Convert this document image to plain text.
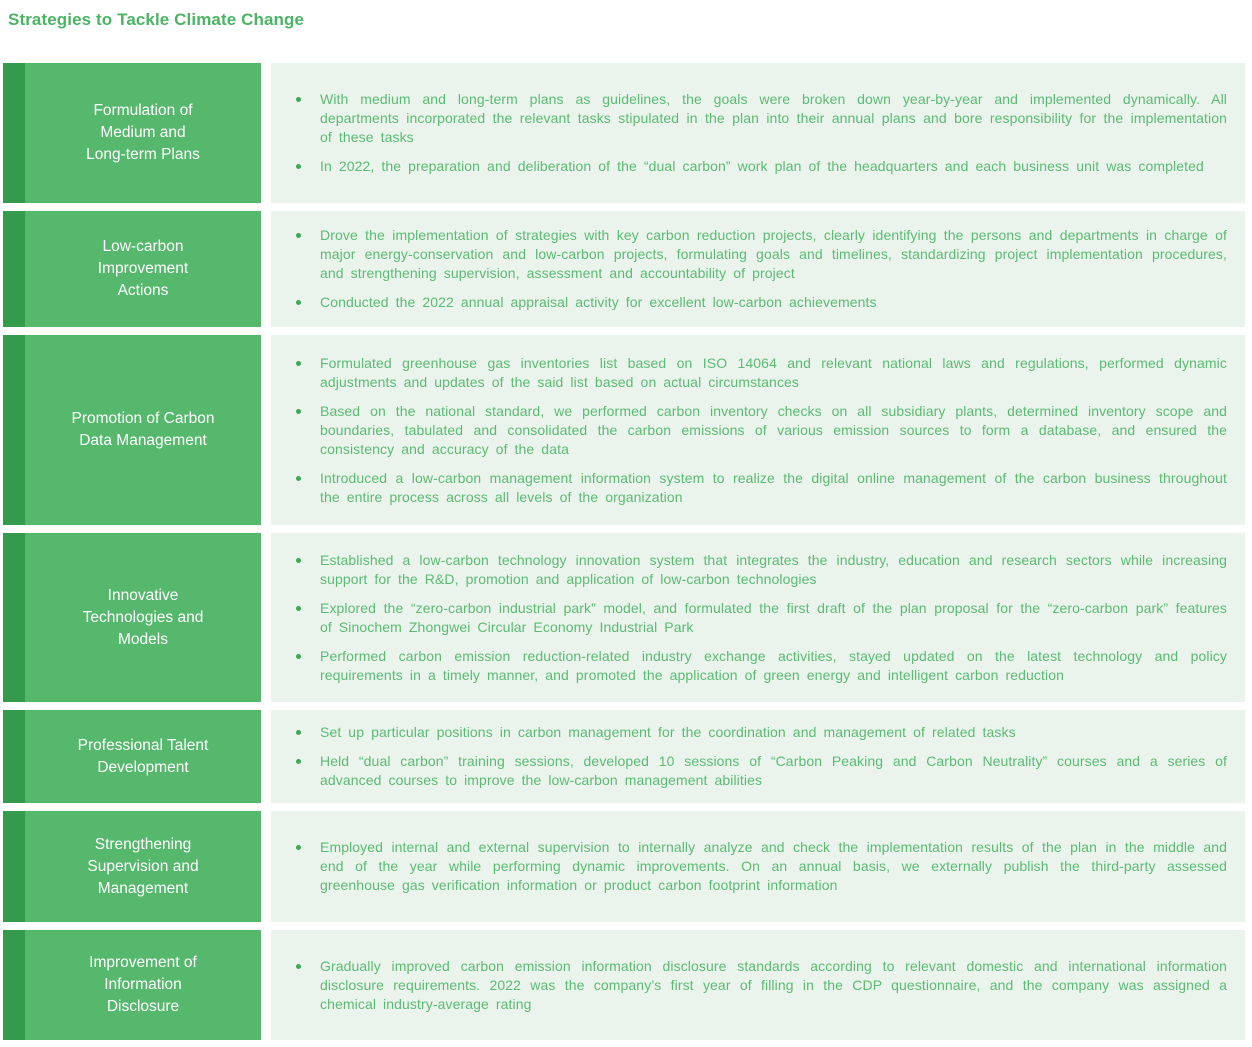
Strategies to Tackle Climate Change
Formulation of
Medium and
Long-term Plans

With medium and long-term plans as guidelines, the goals were broken down year-by-year and implemented dynamically. All departments incorporated the relevant tasks stipulated in the plan into their annual plans and bore responsibility for the implementation of these tasks

In 2022, the preparation and deliberation of the “dual carbon” work plan of the headquarters and each business unit was completed

Low-carbon
Improvement
Actions

Drove the implementation of strategies with key carbon reduction projects, clearly identifying the persons and departments in charge of major energy-conservation and low-carbon projects, formulating goals and timelines, standardizing project implementation procedures, and strengthening supervision, assessment and accountability of project

Conducted the 2022 annual appraisal activity for excellent low-carbon achievements

Promotion of Carbon
Data Management

Formulated greenhouse gas inventories list based on ISO 14064 and relevant national laws and regulations, performed dynamic adjustments and updates of the said list based on actual circumstances

Based on the national standard, we performed carbon inventory checks on all subsidiary plants, determined inventory scope and boundaries, tabulated and consolidated the carbon emissions of various emission sources to form a database, and ensured the consistency and accuracy of the data

Introduced a low-carbon management information system to realize the digital online management of the carbon business throughout the entire process across all levels of the organization

Innovative
Technologies and
Models

Established a low-carbon technology innovation system that integrates the industry, education and research sectors while increasing support for the R&D, promotion and application of low-carbon technologies

Explored the “zero-carbon industrial park” model, and formulated the first draft of the plan proposal for the “zero-carbon park” features of Sinochem Zhongwei Circular Economy Industrial Park

Performed carbon emission reduction-related industry exchange activities, stayed updated on the latest technology and policy requirements in a timely manner, and promoted the application of green energy and intelligent carbon reduction

Professional Talent
Development

Set up particular positions in carbon management for the coordination and management of related tasks

Held “dual carbon” training sessions, developed 10 sessions of “Carbon Peaking and Carbon Neutrality” courses and a series of advanced courses to improve the low-carbon management abilities

Strengthening
Supervision and
Management

Employed internal and external supervision to internally analyze and check the implementation results of the plan in the middle and end of the year while performing dynamic improvements. On an annual basis, we externally publish the third-party assessed greenhouse gas verification information or product carbon footprint information

Improvement of
Information
Disclosure

Gradually improved carbon emission information disclosure standards according to relevant domestic and international information disclosure requirements. 2022 was the company’s first year of filling in the CDP questionnaire, and the company was assigned a chemical industry-average rating
